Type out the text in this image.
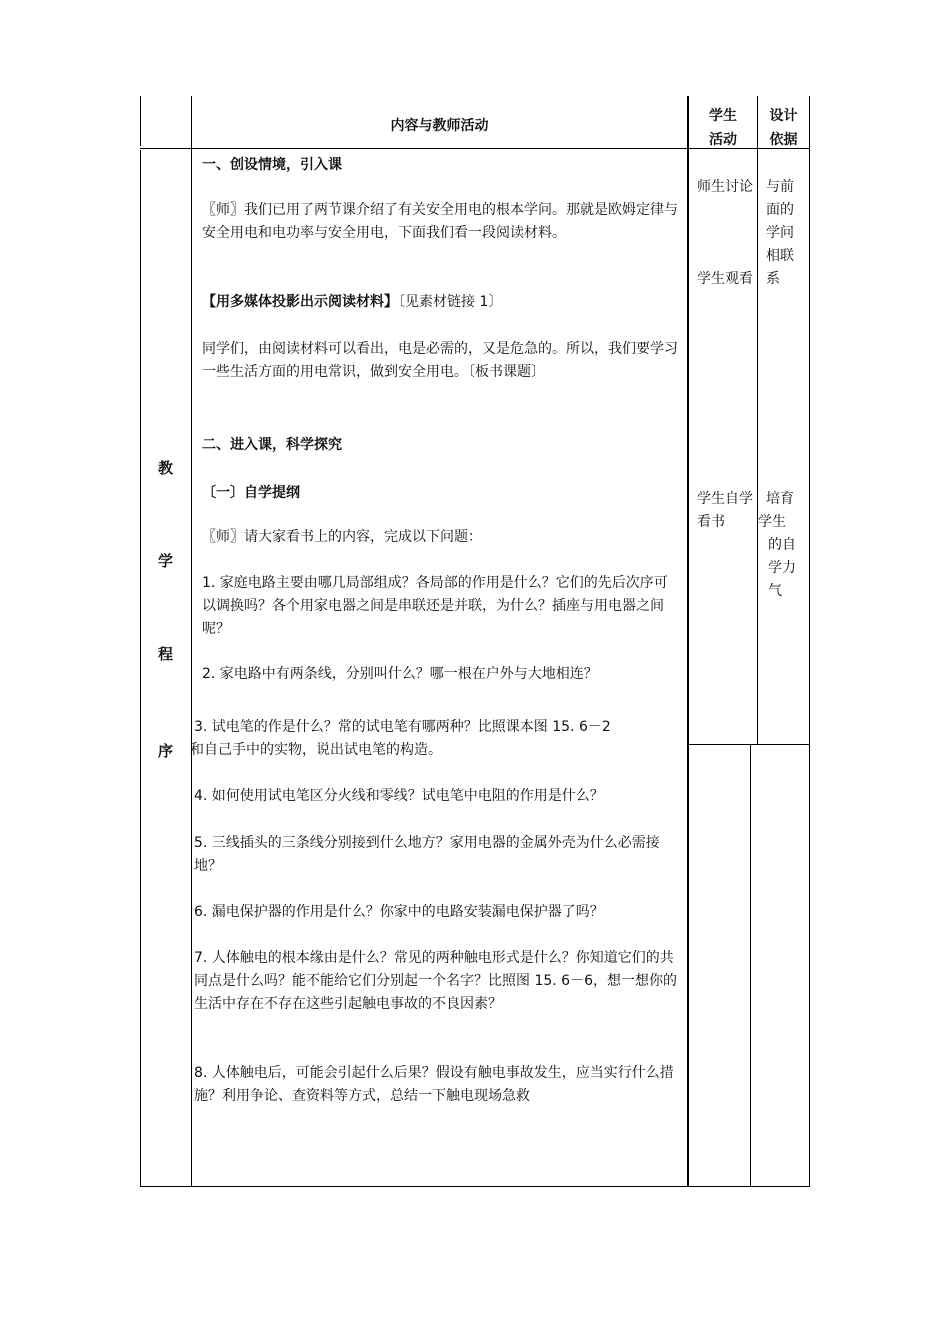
内容与教师活动
学生
活动
设计
依据
教
学
程
序
一、创设情境，引入课
〖师〗我们已用了两节课介绍了有关安全用电的根本学问。那就是欧姆定律与安全用电和电功率与安全用电，下面我们看一段阅读材料。
【用多媒体投影出示阅读材料】〔见素材链接 1〕
同学们，由阅读材料可以看出，电是必需的，又是危急的。所以，我们要学习一些生活方面的用电常识，做到安全用电。〔板书课题〕
二、进入课，科学探究
〔一〕自学提纲
〖师〗请大家看书上的内容，完成以下问题：
1. 家庭电路主要由哪几局部组成？各局部的作用是什么？它们的先后次序可以调换吗？各个用家电器之间是串联还是并联，为什么？插座与用电器之间呢？
2. 家电路中有两条线，分别叫什么？哪一根在户外与大地相连？
3. 试电笔的作是什么？常的试电笔有哪两种？比照课本图 15. 6－2
和自己手中的实物，说出试电笔的构造。
4. 如何使用试电笔区分火线和零线？试电笔中电阻的作用是什么？
5. 三线插头的三条线分别接到什么地方？家用电器的金属外壳为什么必需接地？
6. 漏电保护器的作用是什么？你家中的电路安装漏电保护器了吗？
7. 人体触电的根本缘由是什么？常见的两种触电形式是什么？你知道它们的共同点是什么吗？能不能给它们分别起一个名字？比照图 15. 6－6，想一想你的生活中存在不存在这些引起触电事故的不良因素？
8. 人体触电后，可能会引起什么后果？假设有触电事故发生，应当实行什么措施？利用争论、查资料等方式，总结一下触电现场急救
师生讨论
学生观看
学生自学看书
与前面的学问相联系
培育
学生
的自学力气
